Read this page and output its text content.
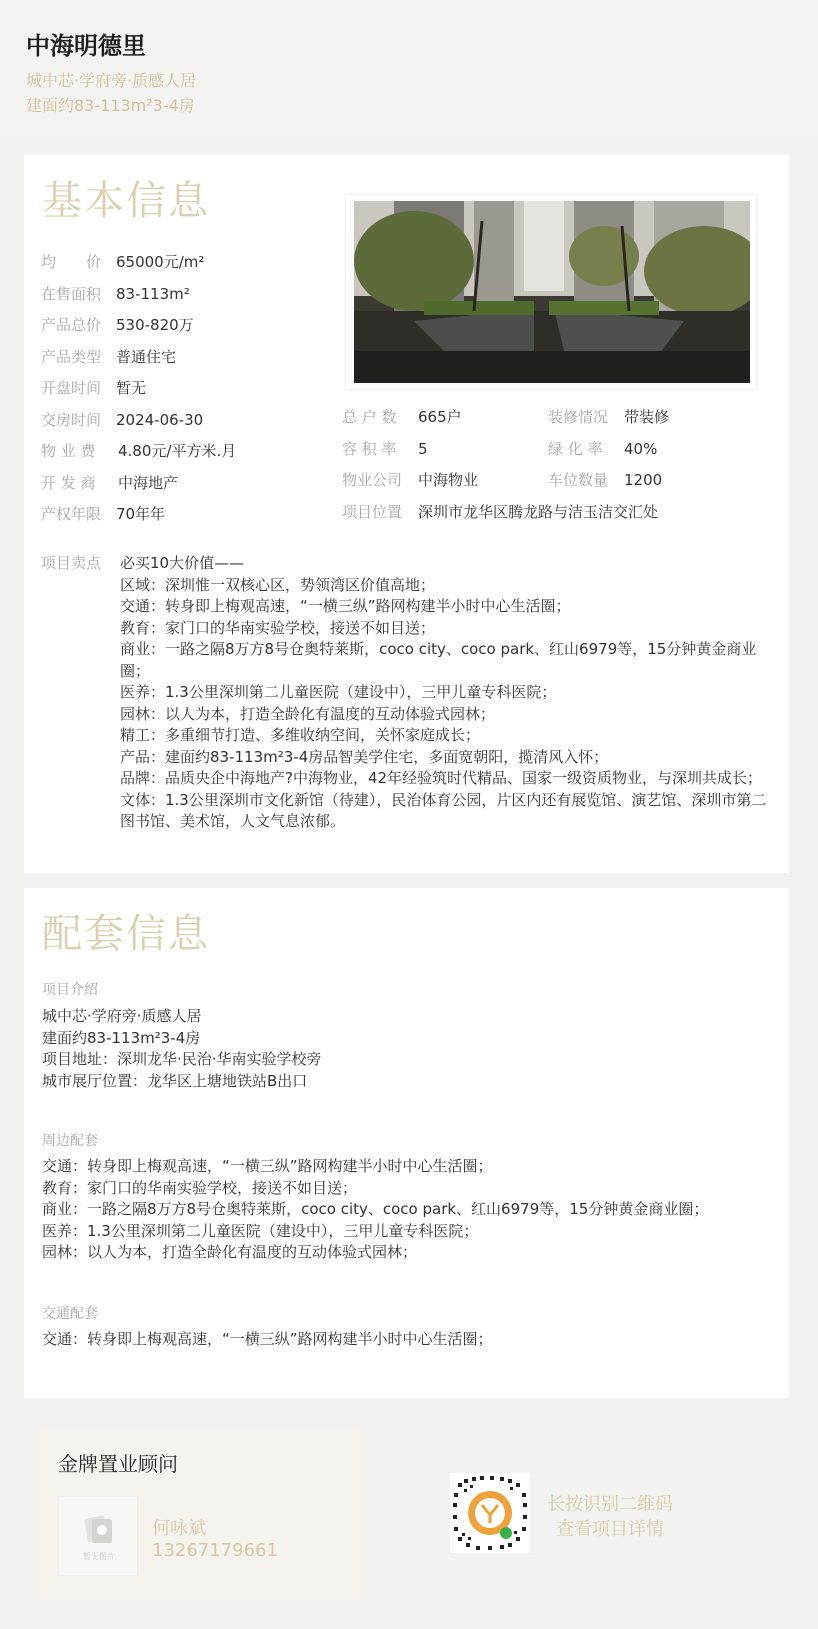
中海明德里
城中芯·学府旁·质感人居
建面约83-113m²3-4房
基本信息
均　　价 65000元/m²
在售面积 83-113m²
产品总价 530-820万
产品类型 普通住宅
开盘时间 暂无
交房时间 2024-06-30
物 业 费 4.80元/平方米.月
开 发 商 中海地产
产权年限 70年年
总 户 数 665户	装修情况 带装修
容 积 率 5	绿 化 率 40%
物业公司 中海物业	车位数量 1200
项目位置 深圳市龙华区腾龙路与洁玉洁交汇处
项目卖点 必买10大价值——
区域：深圳惟一双核心区，势领湾区价值高地；
交通：转身即上梅观高速，“一横三纵”路网构建半小时中心生活圈；
教育：家门口的华南实验学校，接送不如目送；
商业：一路之隔8万方8号仓奥特莱斯，coco city、coco park、红山6979等，15分钟黄金商业圈；
医养：1.3公里深圳第二儿童医院（建设中），三甲儿童专科医院；
园林：以人为本，打造全龄化有温度的互动体验式园林；
精工：多重细节打造、多维收纳空间，关怀家庭成长；
产品：建面约83-113m²3-4房品智美学住宅，多面宽朝阳，揽清风入怀；
品牌：品质央企中海地产?中海物业，42年经验筑时代精品、国家一级资质物业，与深圳共成长；
文体：1.3公里深圳市文化新馆（待建），民治体育公园，片区内还有展览馆、演艺馆、深圳市第二图书馆、美术馆，人文气息浓郁。
配套信息
项目介绍
城中芯·学府旁·质感人居
建面约83-113m²3-4房
项目地址：深圳龙华·民治·华南实验学校旁
城市展厅位置：龙华区上塘地铁站B出口
周边配套
交通：转身即上梅观高速，“一横三纵”路网构建半小时中心生活圈；
教育：家门口的华南实验学校，接送不如目送；
商业：一路之隔8万方8号仓奥特莱斯，coco city、coco park、红山6979等，15分钟黄金商业圈；
医养：1.3公里深圳第二儿童医院（建设中），三甲儿童专科医院；
园林：以人为本，打造全龄化有温度的互动体验式园林；
交通配套
交通：转身即上梅观高速，“一横三纵”路网构建半小时中心生活圈；
金牌置业顾问
暂无图片
何咏斌
13267179661
长按识别二维码
查看项目详情
